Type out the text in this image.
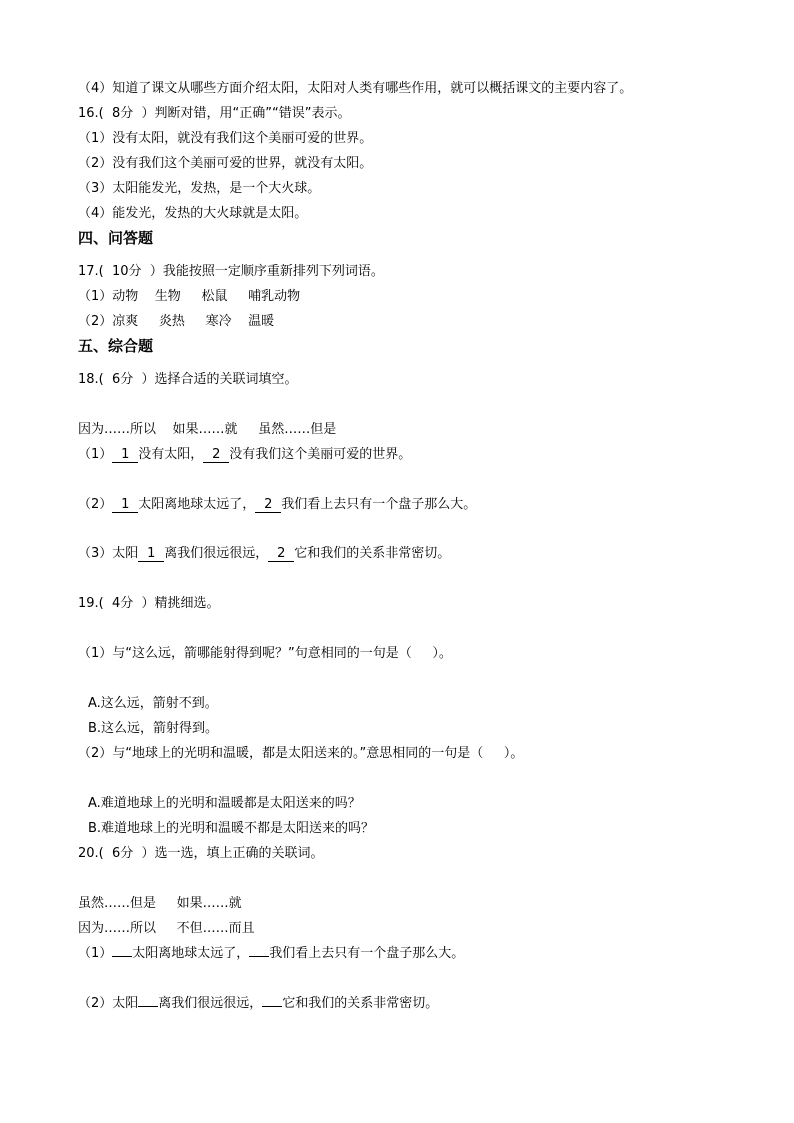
（4）知道了课文从哪些方面介绍太阳，太阳对人类有哪些作用，就可以概括课文的主要内容了。
16.(  8分  ）判断对错，用“正确”“错误”表示。
（1）没有太阳，就没有我们这个美丽可爱的世界。
（2）没有我们这个美丽可爱的世界，就没有太阳。
（3）太阳能发光，发热，是一个大火球。
（4）能发光，发热的大火球就是太阳。
四、问答题
17.(  10分  ）我能按照一定顺序重新排列下列词语。
（1）动物    生物     松鼠     哺乳动物
（2）凉爽     炎热     寒冷    温暖
五、综合题
18.(  6分  ）选择合适的关联词填空。
因为……所以    如果……就     虽然……但是
（1） 1 没有太阳， 2 没有我们这个美丽可爱的世界。
（2） 1 太阳离地球太远了， 2 我们看上去只有一个盘子那么大。
（3）太阳 1 离我们很远很远， 2 它和我们的关系非常密切。
19.(  4分  ）精挑细选。
（1）与“这么远，箭哪能射得到呢？”句意相同的一句是（     ）。
A.这么远，箭射不到。
B.这么远，箭射得到。
（2）与“地球上的光明和温暖，都是太阳送来的。”意思相同的一句是（     ）。
A.难道地球上的光明和温暖都是太阳送来的吗？
B.难道地球上的光明和温暖不都是太阳送来的吗？
20.(  6分  ）选一选，填上正确的关联词。
虽然……但是     如果……就
因为……所以     不但……而且
（1） 太阳离地球太远了， 我们看上去只有一个盘子那么大。
（2）太阳 离我们很远很远， 它和我们的关系非常密切。
